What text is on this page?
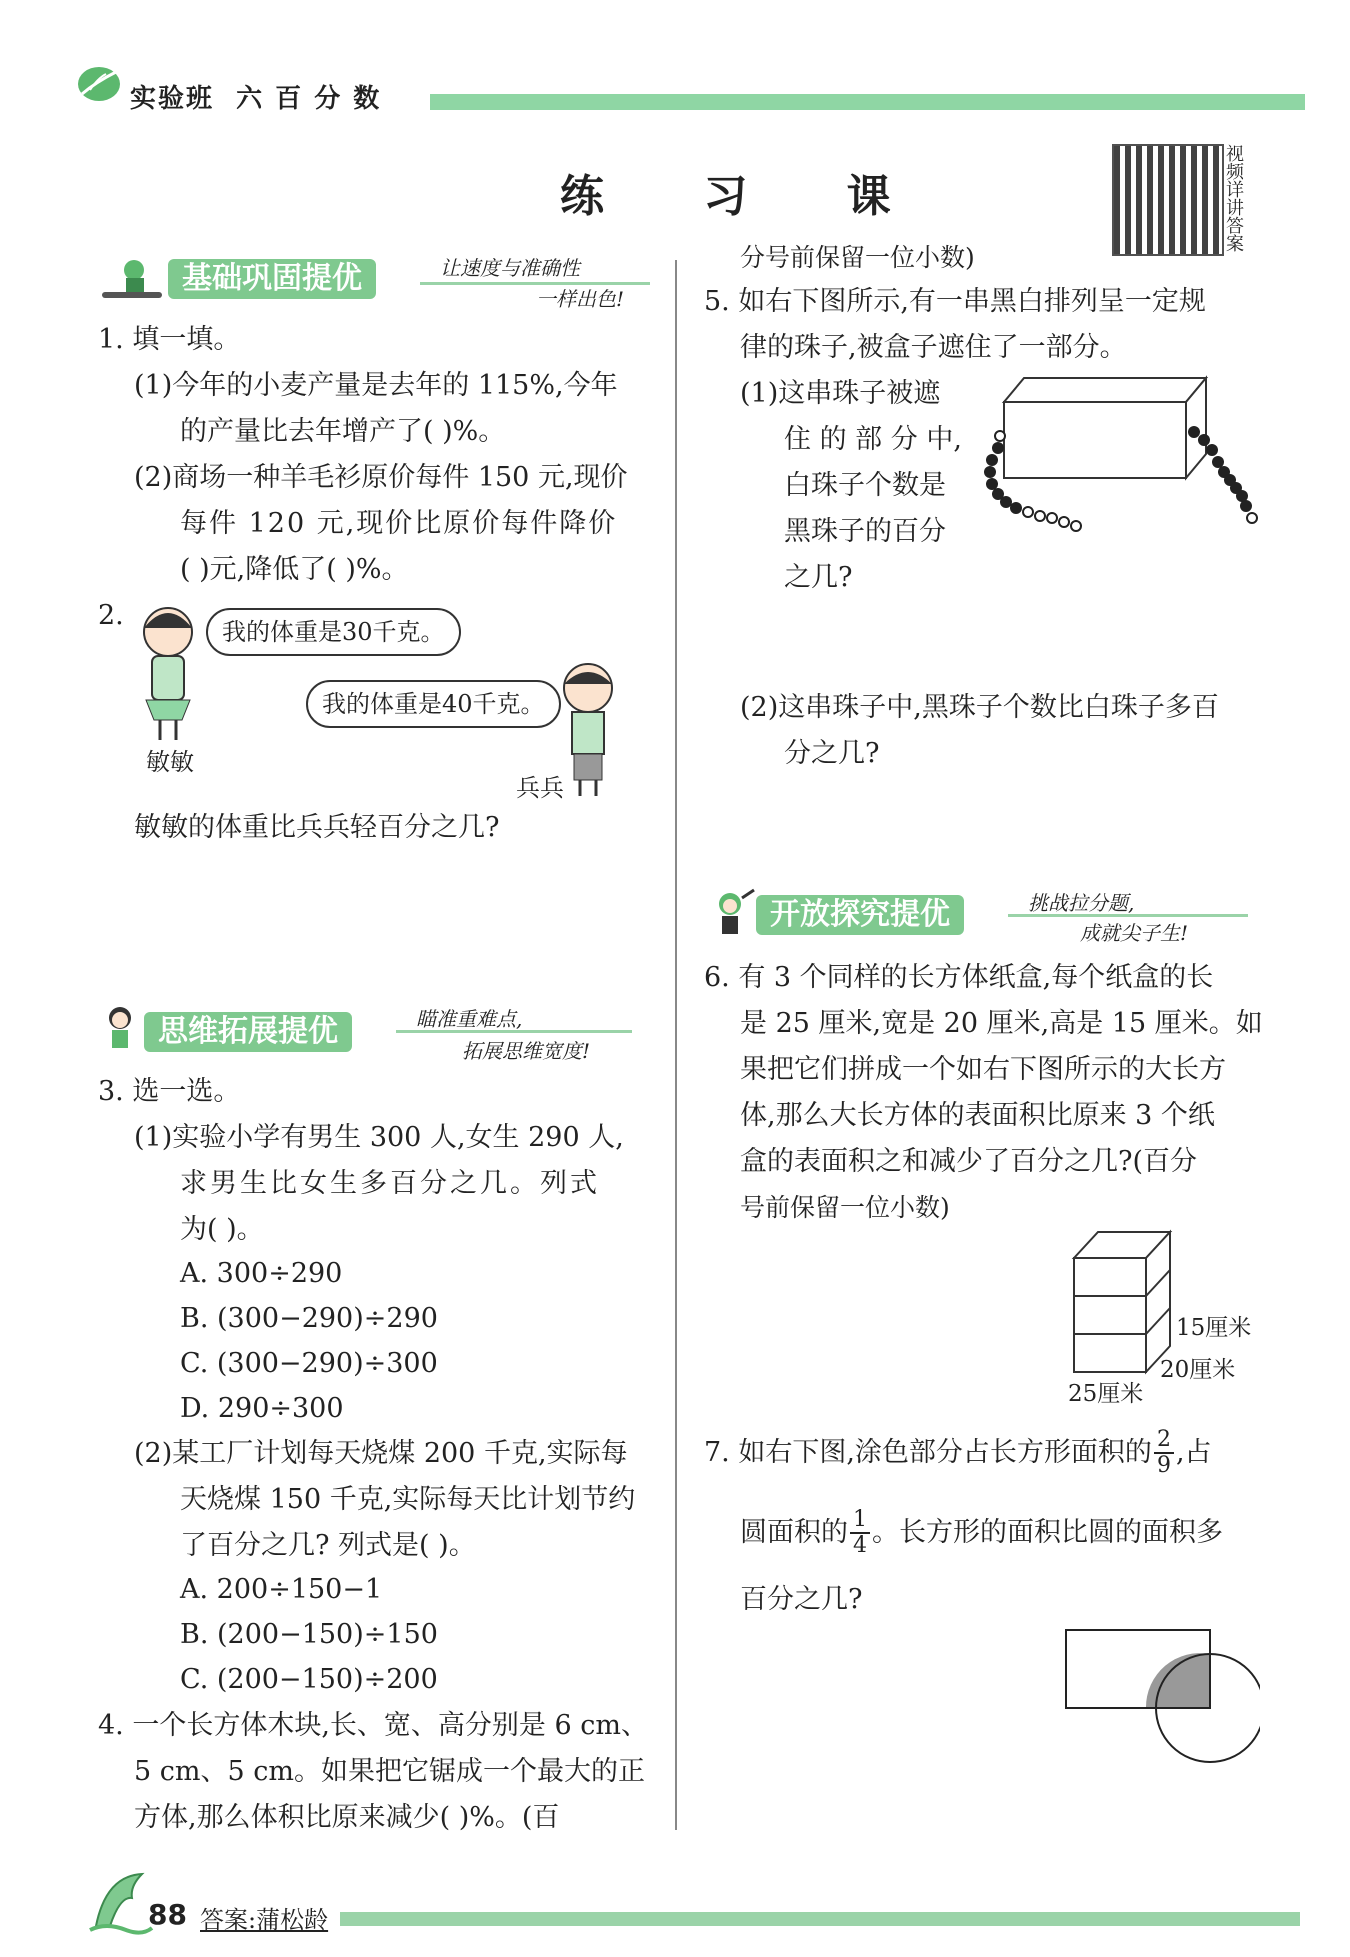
实验班 六 百 分 数
练 习 课
视频详讲答案
基础巩固提优	让速度与准确性
一样出色!
1. 填一填。
(1)今年的小麦产量是去年的 115%,今年
的产量比去年增产了( )%。
(2)商场一种羊毛衫原价每件 150 元,现价
每件 120 元,现价比原价每件降价
( )元,降低了( )%。
2.
我的体重是30千克。
敏敏
我的体重是40千克。
兵兵
敏敏的体重比兵兵轻百分之几?
思维拓展提优	瞄准重难点,
拓展思维宽度!
3. 选一选。
(1)实验小学有男生 300 人,女生 290 人,
求男生比女生多百分之几。列式
为( )。
A. 300÷290
B. (300−290)÷290
C. (300−290)÷300
D. 290÷300
(2)某工厂计划每天烧煤 200 千克,实际每
天烧煤 150 千克,实际每天比计划节约
了百分之几? 列式是( )。
A. 200÷150−1
B. (200−150)÷150
C. (200−150)÷200
4. 一个长方体木块,长、宽、高分别是 6 cm、
5 cm、5 cm。如果把它锯成一个最大的正
方体,那么体积比原来减少( )%。(百
分号前保留一位小数)
5. 如右下图所示,有一串黑白排列呈一定规
律的珠子,被盒子遮住了一部分。
(1)这串珠子被遮
住 的 部 分 中,
白珠子个数是
黑珠子的百分
之几?
(2)这串珠子中,黑珠子个数比白珠子多百
分之几?
开放探究提优	挑战拉分题,
成就尖子生!
6. 有 3 个同样的长方体纸盒,每个纸盒的长
是 25 厘米,宽是 20 厘米,高是 15 厘米。如
果把它们拼成一个如右下图所示的大长方
体,那么大长方体的表面积比原来 3 个纸
盒的表面积之和减少了百分之几?(百分
号前保留一位小数)
15厘米
20厘米
25厘米
7. 如右下图,涂色部分占长方形面积的 $\frac{2}{9}$ ,占
圆面积的 $\frac{1}{4}$ 。长方形的面积比圆的面积多
百分之几?
88 答案:蒲松龄
